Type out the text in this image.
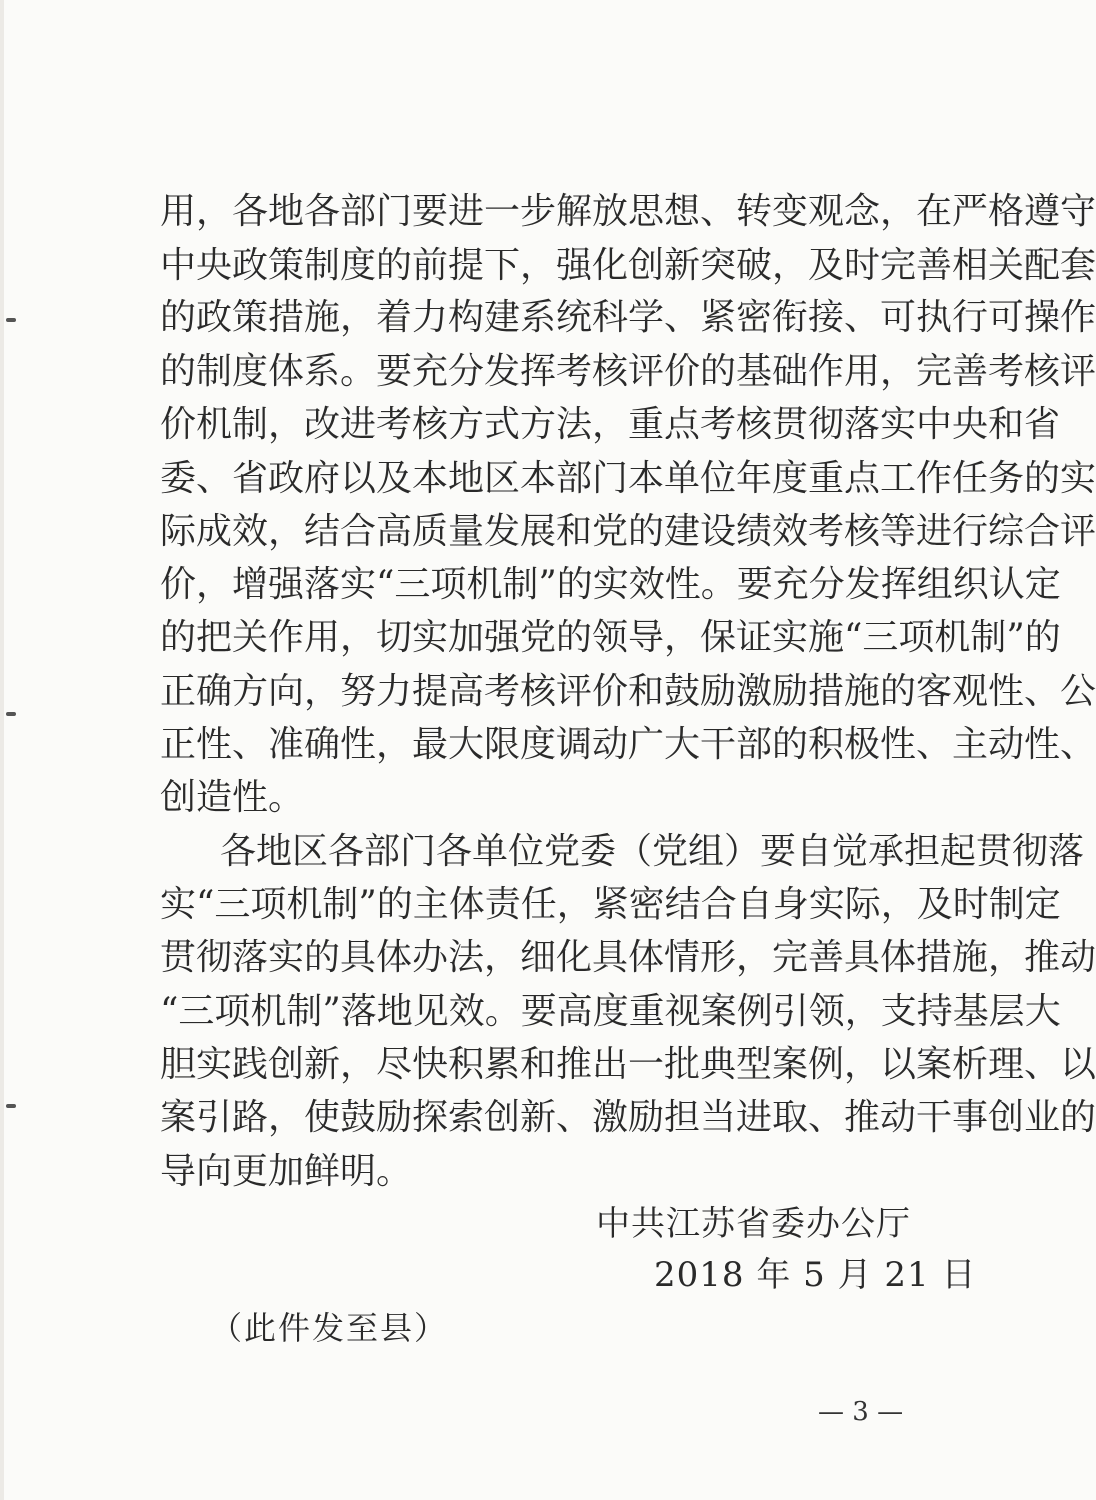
用，各地各部门要进一步解放思想、转变观念，在严格遵守
中央政策制度的前提下，强化创新突破，及时完善相关配套
的政策措施，着力构建系统科学、紧密衔接、可执行可操作
的制度体系。要充分发挥考核评价的基础作用，完善考核评
价机制，改进考核方式方法，重点考核贯彻落实中央和省
委、省政府以及本地区本部门本单位年度重点工作任务的实
际成效，结合高质量发展和党的建设绩效考核等进行综合评
价，增强落实“三项机制”的实效性。要充分发挥组织认定
的把关作用，切实加强党的领导，保证实施“三项机制”的
正确方向，努力提高考核评价和鼓励激励措施的客观性、公
正性、准确性，最大限度调动广大干部的积极性、主动性、
创造性。
各地区各部门各单位党委（党组）要自觉承担起贯彻落
实“三项机制”的主体责任，紧密结合自身实际，及时制定
贯彻落实的具体办法，细化具体情形，完善具体措施，推动
“三项机制”落地见效。要高度重视案例引领，支持基层大
胆实践创新，尽快积累和推出一批典型案例，以案析理、以
案引路，使鼓励探索创新、激励担当进取、推动干事创业的
导向更加鲜明。
中共江苏省委办公厅
2018 年 5 月 21 日
（此件发至县）
— 3 —
